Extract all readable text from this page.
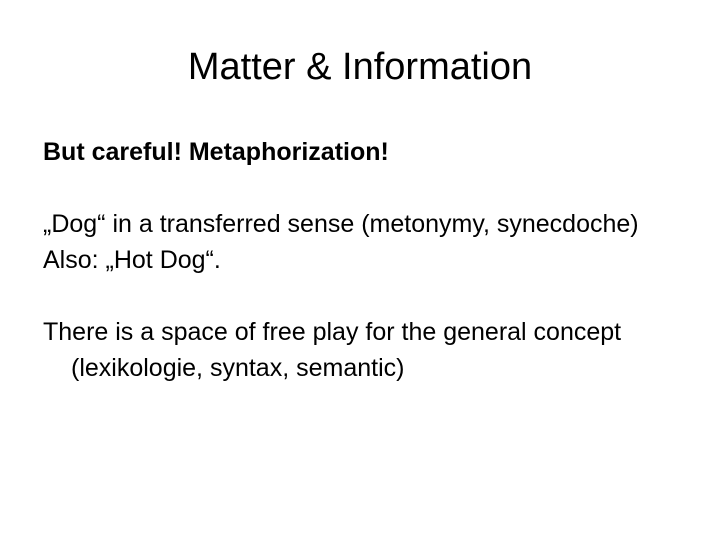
Matter & Information

But careful! Metaphorization!

„Dog“ in a transferred sense (metonymy, synecdoche)

Also: „Hot Dog“.

There is a space of free play for the general concept (lexikologie, syntax, semantic)
